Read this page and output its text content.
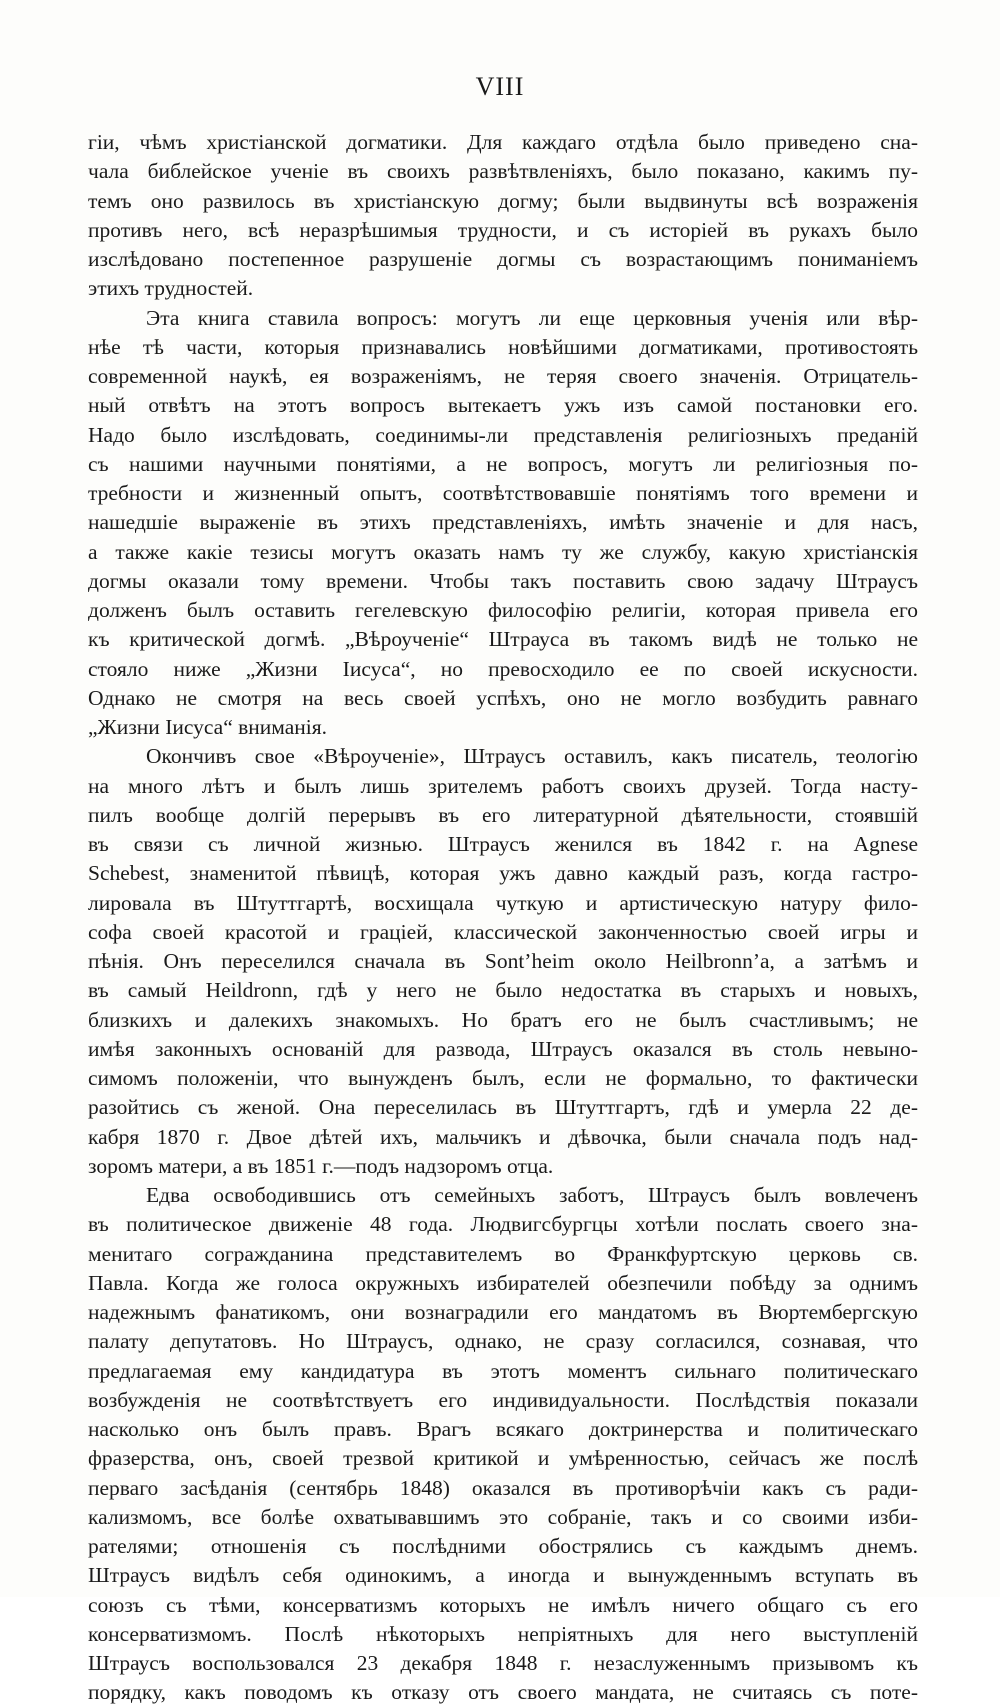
VIII
гіи, чѣмъ христіанской догматики. Для каждаго отдѣла было приведено сна-
чала библейское ученіе въ своихъ развѣтвленіяхъ, было показано, какимъ пу-
темъ оно развилось въ христіанскую догму; были выдвинуты всѣ возраженія
противъ него, всѣ неразрѣшимыя трудности, и съ исторіей въ рукахъ было
изслѣдовано постепенное разрушеніе догмы съ возрастающимъ пониманіемъ
этихъ трудностей.
Эта книга ставила вопросъ: могутъ ли еще церковныя ученія или вѣр-
нѣе тѣ части, которыя признавались новѣйшими догматиками, противостоять
современной наукѣ, ея возраженіямъ, не теряя своего значенія. Отрицатель-
ный отвѣтъ на этотъ вопросъ вытекаетъ ужъ изъ самой постановки его.
Надо было изслѣдовать, соединимы-ли представленія религіозныхъ преданій
съ нашими научными понятіями, а не вопросъ, могутъ ли религіозныя по-
требности и жизненный опытъ, соотвѣтствовавшіе понятіямъ того времени и
нашедшіе выраженіе въ этихъ представленіяхъ, имѣть значеніе и для насъ,
а также какіе тезисы могутъ оказать намъ ту же службу, какую христіанскія
догмы оказали тому времени. Чтобы такъ поставить свою задачу Штраусъ
долженъ былъ оставить гегелевскую философію религіи, которая привела его
къ критической догмѣ. „Вѣроученіе“ Штрауса въ такомъ видѣ не только не
стояло ниже „Жизни Іисуса“, но превосходило ее по своей искусности.
Однако не смотря на весь своей успѣхъ, оно не могло возбудить равнаго
„Жизни Іисуса“ вниманія.
Окончивъ свое «Вѣроученіе», Штраусъ оставилъ, какъ писатель, теологію
на много лѣтъ и былъ лишь зрителемъ работъ своихъ друзей. Тогда насту-
пилъ вообще долгій перерывъ въ его литературной дѣятельности, стоявшій
въ связи съ личной жизнью. Штраусъ женился въ 1842 г. на Agnese
Schebest, знаменитой пѣвицѣ, которая ужъ давно каждый разъ, когда гастро-
лировала въ Штуттгартѣ, восхищала чуткую и артистическую натуру фило-
софа своей красотой и граціей, классической законченностью своей игры и
пѣнія. Онъ переселился сначала въ Sont’heim около Heilbronn’а, а затѣмъ и
въ самый Heildronn, гдѣ у него не было недостатка въ старыхъ и новыхъ,
близкихъ и далекихъ знакомыхъ. Но братъ его не былъ счастливымъ; не
имѣя законныхъ основаній для развода, Штраусъ оказался въ столь невыно-
симомъ положеніи, что вынужденъ былъ, если не формально, то фактически
разойтись съ женой. Она переселилась въ Штуттгартъ, гдѣ и умерла 22 де-
кабря 1870 г. Двое дѣтей ихъ, мальчикъ и дѣвочка, были сначала подъ над-
зоромъ матери, а въ 1851 г.—подъ надзоромъ отца.
Едва освободившись отъ семейныхъ заботъ, Штраусъ былъ вовлеченъ
въ политическое движеніе 48 года. Людвигсбургцы хотѣли послать своего зна-
менитаго согражданина представителемъ во Франкфуртскую церковь св.
Павла. Когда же голоса окружныхъ избирателей обезпечили побѣду за однимъ
надежнымъ фанатикомъ, они вознаградили его мандатомъ въ Вюртембергскую
палату депутатовъ. Но Штраусъ, однако, не сразу согласился, сознавая, что
предлагаемая ему кандидатура въ этотъ моментъ сильнаго политическаго
возбужденія не соотвѣтствуетъ его индивидуальности. Послѣдствія показали
насколько онъ былъ правъ. Врагъ всякаго доктринерства и политическаго
фразерства, онъ, своей трезвой критикой и умѣренностью, сейчасъ же послѣ
перваго засѣданія (сентябрь 1848) оказался въ противорѣчіи какъ съ ради-
кализмомъ, все болѣе охватывавшимъ это собраніе, такъ и со своими изби-
рателями; отношенія съ послѣдними обострялись съ каждымъ днемъ.
Штраусъ видѣлъ себя одинокимъ, а иногда и вынужденнымъ вступать въ
союзъ съ тѣми, консерватизмъ которыхъ не имѣлъ ничего общаго съ его
консерватизмомъ. Послѣ нѣкоторыхъ непріятныхъ для него выступленій
Штраусъ воспользовался 23 декабря 1848 г. незаслуженнымъ призывомъ къ
порядку, какъ поводомъ къ отказу отъ своего мандата, не считаясь съ поте-
